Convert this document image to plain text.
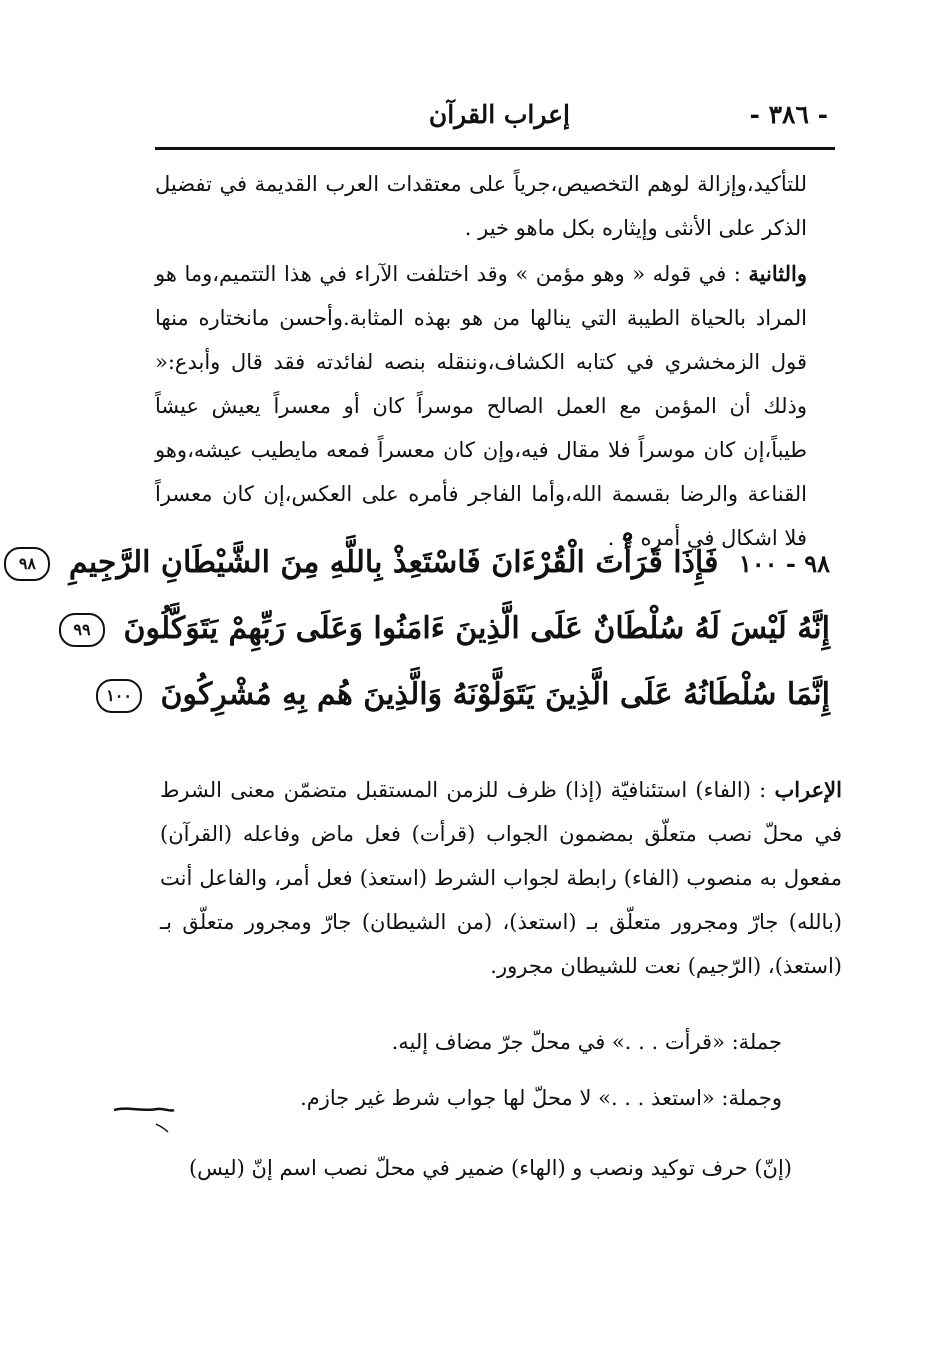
- ٣٨٦ -
إعراب القرآن
للتأكيد،وإزالة لوهم التخصيص،جرياً على معتقدات العرب القديمة في تفضيل الذكر على الأنثى وإيثاره بكل ماهو خير .
والثانية : في قوله « وهو مؤمن » وقد اختلفت الآراء في هذا التتميم،وما هو المراد بالحياة الطيبة التي ينالها من هو بهذه المثابة.وأحسن مانختاره منها قول الزمخشري في كتابه الكشاف،وننقله بنصه لفائدته فقد قال وأبدع:« وذلك أن المؤمن مع العمل الصالح موسراً كان أو معسراً يعيش عيشاً طيباً،إن كان موسراً فلا مقال فيه،وإن كان معسراً فمعه مايطيب عيشه،وهو القناعة والرضا بقسمة الله،وأما الفاجر فأمره على العكس،إن كان معسراً فلا اشكال في أمره » .
٩٨ - ١٠٠ فَإِذَا قَرَأْتَ الْقُرْءَانَ فَاسْتَعِذْ بِاللَّهِ مِنَ الشَّيْطَانِ الرَّجِيمِ ٩٨
إِنَّهُ لَيْسَ لَهُ سُلْطَانٌ عَلَى الَّذِينَ ءَامَنُوا وَعَلَى رَبِّهِمْ يَتَوَكَّلُونَ ٩٩
إِنَّمَا سُلْطَانُهُ عَلَى الَّذِينَ يَتَوَلَّوْنَهُ وَالَّذِينَ هُم بِهِ مُشْرِكُونَ ١٠٠
الإعراب : (الفاء) استئنافيّة (إذا) ظرف للزمن المستقبل متضمّن معنى الشرط في محلّ نصب متعلّق بمضمون الجواب (قرأت) فعل ماض وفاعله (القرآن) مفعول به منصوب (الفاء) رابطة لجواب الشرط (استعذ) فعل أمر، والفاعل أنت (بالله) جارّ ومجرور متعلّق بـ (استعذ)، (من الشيطان) جارّ ومجرور متعلّق بـ (استعذ)، (الرّجيم) نعت للشيطان مجرور.
جملة: «قرأت . . .» في محلّ جرّ مضاف إليه.
وجملة: «استعذ . . .» لا محلّ لها جواب شرط غير جازم.
(إنّ) حرف توكيد ونصب و (الهاء) ضمير في محلّ نصب اسم إنّ (ليس)
